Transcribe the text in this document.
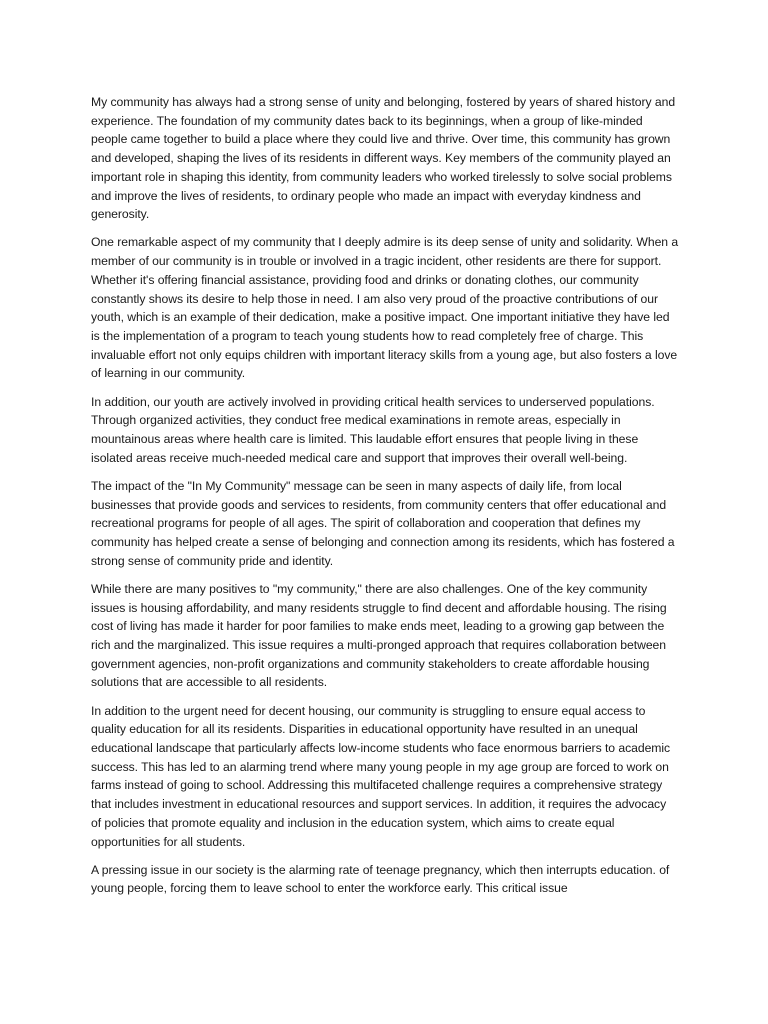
My community has always had a strong sense of unity and belonging, fostered by years of shared history and experience. The foundation of my community dates back to its beginnings, when a group of like-minded people came together to build a place where they could live and thrive. Over time, this community has grown and developed, shaping the lives of its residents in different ways. Key members of the community played an important role in shaping this identity, from community leaders who worked tirelessly to solve social problems and improve the lives of residents, to ordinary people who made an impact with everyday kindness and generosity.

One remarkable aspect of my community that I deeply admire is its deep sense of unity and solidarity. When a member of our community is in trouble or involved in a tragic incident, other residents are there for support. Whether it's offering financial assistance, providing food and drinks or donating clothes, our community constantly shows its desire to help those in need. I am also very proud of the proactive contributions of our youth, which is an example of their dedication, make a positive impact. One important initiative they have led is the implementation of a program to teach young students how to read completely free of charge. This invaluable effort not only equips children with important literacy skills from a young age, but also fosters a love of learning in our community.

In addition, our youth are actively involved in providing critical health services to underserved populations. Through organized activities, they conduct free medical examinations in remote areas, especially in mountainous areas where health care is limited. This laudable effort ensures that people living in these isolated areas receive much-needed medical care and support that improves their overall well-being.

The impact of the "In My Community" message can be seen in many aspects of daily life, from local businesses that provide goods and services to residents, from community centers that offer educational and recreational programs for people of all ages. The spirit of collaboration and cooperation that defines my community has helped create a sense of belonging and connection among its residents, which has fostered a strong sense of community pride and identity.

While there are many positives to "my community," there are also challenges. One of the key community issues is housing affordability, and many residents struggle to find decent and affordable housing. The rising cost of living has made it harder for poor families to make ends meet, leading to a growing gap between the rich and the marginalized. This issue requires a multi-pronged approach that requires collaboration between government agencies, non-profit organizations and community stakeholders to create affordable housing solutions that are accessible to all residents.

In addition to the urgent need for decent housing, our community is struggling to ensure equal access to quality education for all its residents. Disparities in educational opportunity have resulted in an unequal educational landscape that particularly affects low-income students who face enormous barriers to academic success. This has led to an alarming trend where many young people in my age group are forced to work on farms instead of going to school. Addressing this multifaceted challenge requires a comprehensive strategy that includes investment in educational resources and support services. In addition, it requires the advocacy of policies that promote equality and inclusion in the education system, which aims to create equal opportunities for all students.

A pressing issue in our society is the alarming rate of teenage pregnancy, which then interrupts education. of young people, forcing them to leave school to enter the workforce early. This critical issue
